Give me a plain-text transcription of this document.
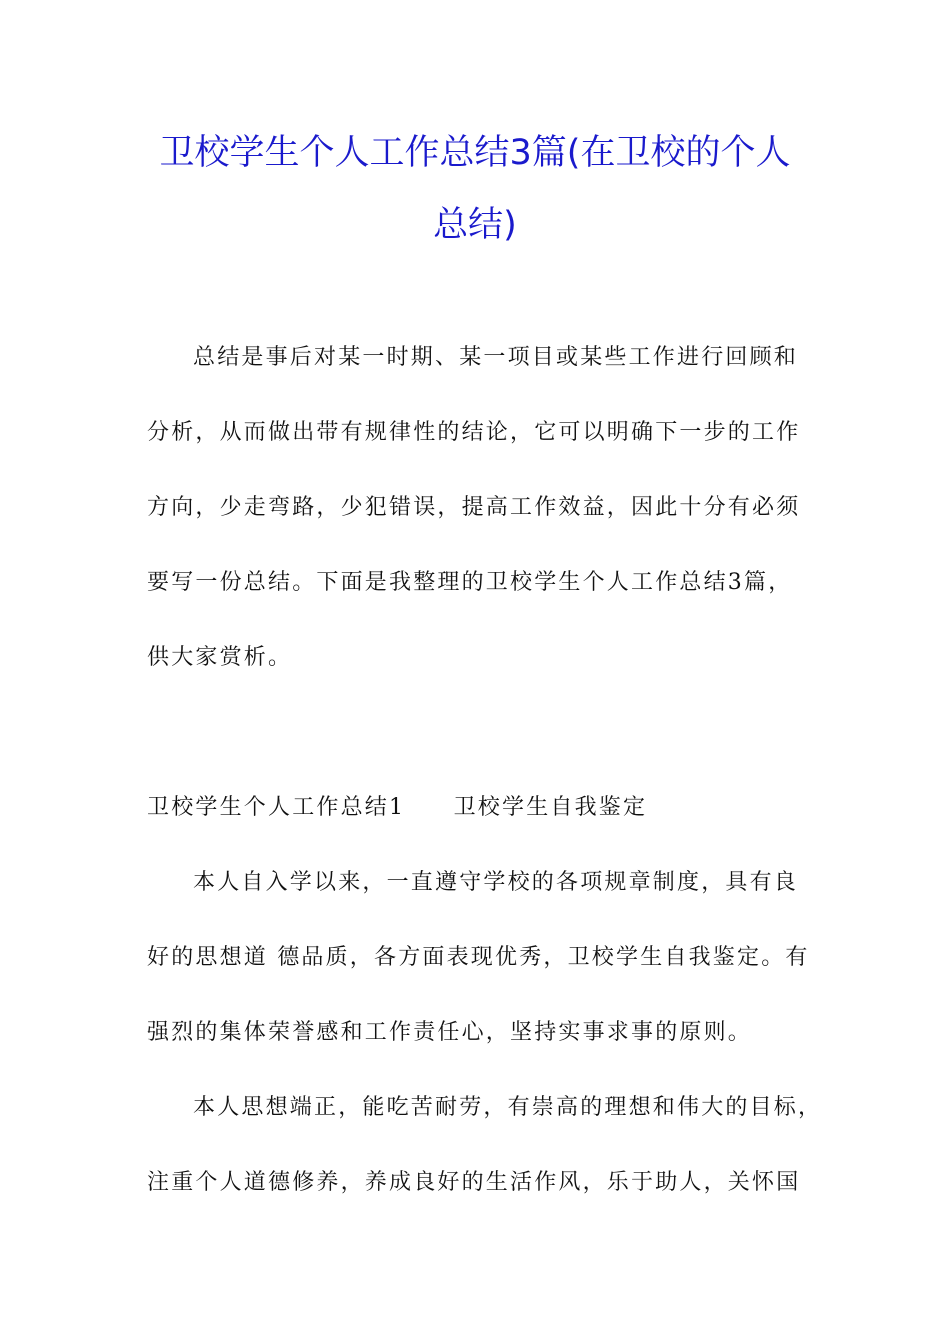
卫校学生个人工作总结3篇(在卫校的个人
总结)
总结是事后对某一时期、某一项目或某些工作进行回顾和
分析，从而做出带有规律性的结论，它可以明确下一步的工作
方向，少走弯路，少犯错误，提高工作效益，因此十分有必须
要写一份总结。下面是我整理的卫校学生个人工作总结3篇，
供大家赏析。
卫校学生个人工作总结1　　卫校学生自我鉴定
本人自入学以来，一直遵守学校的各项规章制度，具有良
好的思想道 德品质，各方面表现优秀，卫校学生自我鉴定。有
强烈的集体荣誉感和工作责任心，坚持实事求事的原则。
本人思想端正，能吃苦耐劳，有崇高的理想和伟大的目标，
注重个人道德修养，养成良好的生活作风，乐于助人，关怀国
